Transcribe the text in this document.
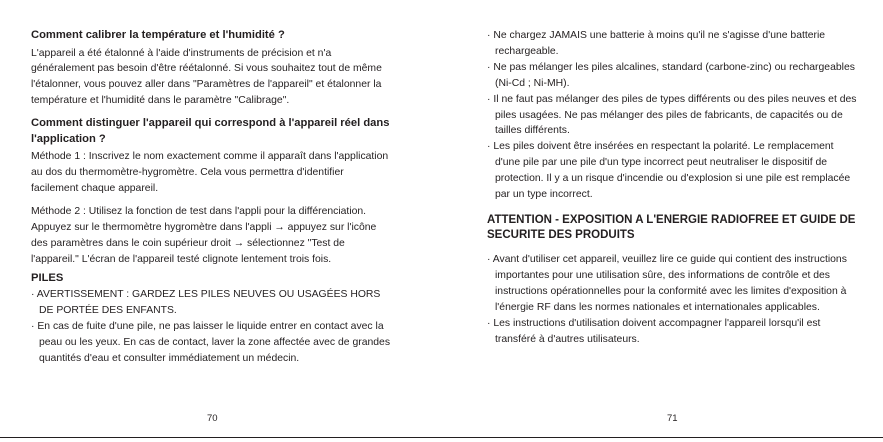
Comment calibrer la température et l'humidité ?

L'appareil a été étalonné à l'aide d'instruments de précision et n'a généralement pas besoin d'être réétalonné. Si vous souhaitez tout de même l'étalonner, vous pouvez aller dans "Paramètres de l'appareil" et étalonner la température et l'humidité dans le paramètre "Calibrage".

Comment distinguer l'appareil qui correspond à l'appareil réel dans l'application ?

Méthode 1 : Inscrivez le nom exactement comme il apparaît dans l'application au dos du thermomètre-hygromètre. Cela vous permettra d'identifier facilement chaque appareil.

Méthode 2 : Utilisez la fonction de test dans l'appli pour la différenciation. Appuyez sur le thermomètre hygromètre dans l'appli → appuyez sur l'icône des paramètres dans le coin supérieur droit → sélectionnez "Test de l'appareil." L'écran de l'appareil testé clignote lentement trois fois.

PILES
· AVERTISSEMENT : GARDEZ LES PILES NEUVES OU USAGÉES HORS DE PORTÉE DES ENFANTS.
· En cas de fuite d'une pile, ne pas laisser le liquide entrer en contact avec la peau ou les yeux. En cas de contact, laver la zone affectée avec de grandes quantités d'eau et consulter immédiatement un médecin.
70
· Ne chargez JAMAIS une batterie à moins qu'il ne s'agisse d'une batterie rechargeable.
· Ne pas mélanger les piles alcalines, standard (carbone-zinc) ou rechargeables (Ni-Cd ; Ni-MH).
· Il ne faut pas mélanger des piles de types différents ou des piles neuves et des piles usagées. Ne pas mélanger des piles de fabricants, de capacités ou de tailles différents.
· Les piles doivent être insérées en respectant la polarité. Le remplacement d'une pile par une pile d'un type incorrect peut neutraliser le dispositif de protection. Il y a un risque d'incendie ou d'explosion si une pile est remplacée par un type incorrect.
ATTENTION - EXPOSITION A L'ENERGIE RADIOFREE ET GUIDE DE SECURITE DES PRODUITS
· Avant d'utiliser cet appareil, veuillez lire ce guide qui contient des instructions importantes pour une utilisation sûre, des informations de contrôle et des instructions opérationnelles pour la conformité avec les limites d'exposition à l'énergie RF dans les normes nationales et internationales applicables.
· Les instructions d'utilisation doivent accompagner l'appareil lorsqu'il est transféré à d'autres utilisateurs.
71
